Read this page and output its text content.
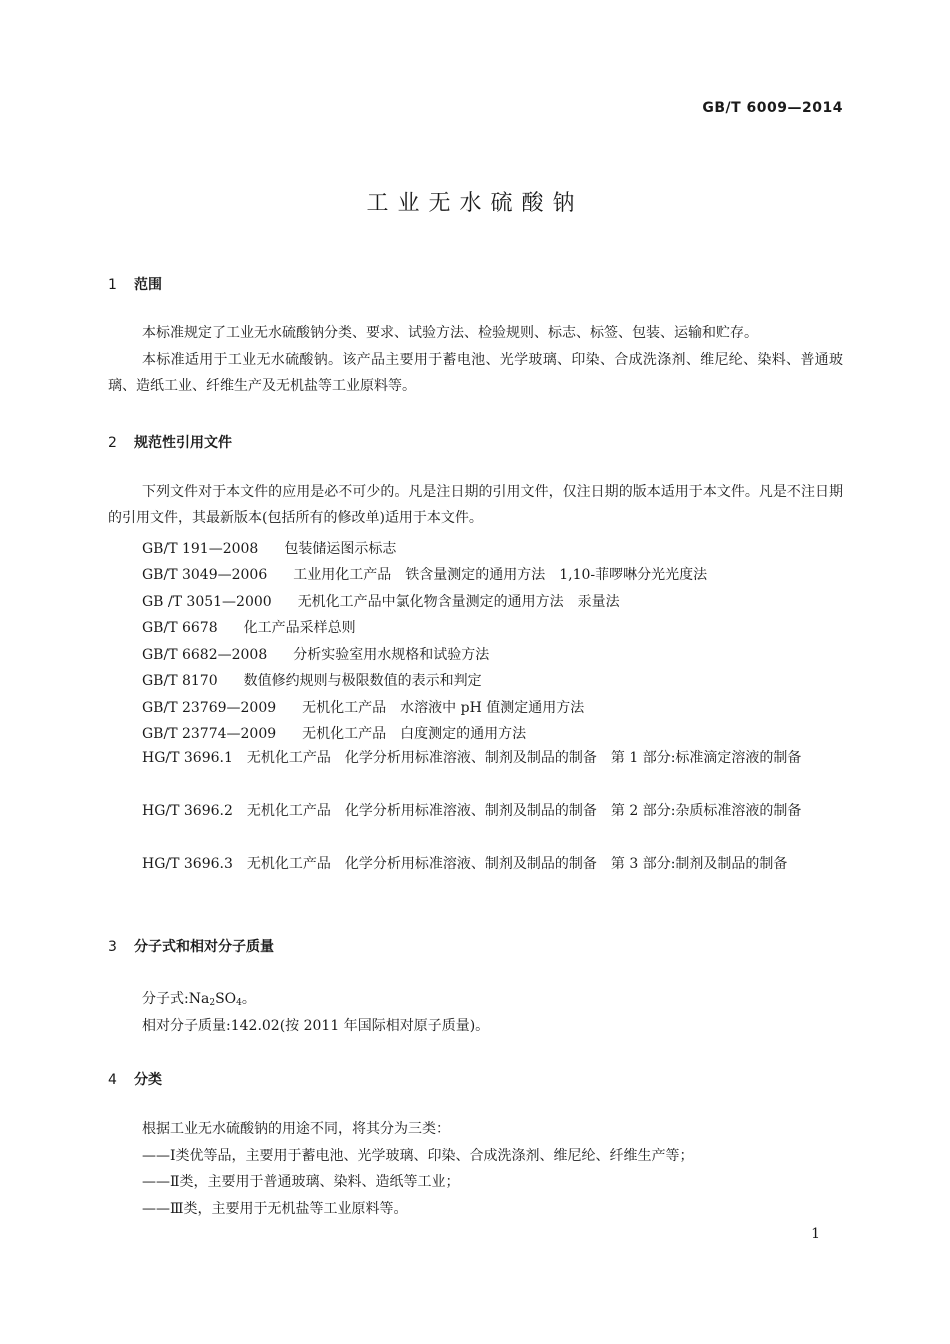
GB/T 6009—2014
工业无水硫酸钠
1 范围
本标准规定了工业无水硫酸钠分类、要求、试验方法、检验规则、标志、标签、包装、运输和贮存。
本标准适用于工业无水硫酸钠。该产品主要用于蓄电池、光学玻璃、印染、合成洗涤剂、维尼纶、染料、普通玻璃、造纸工业、纤维生产及无机盐等工业原料等。
2 规范性引用文件
下列文件对于本文件的应用是必不可少的。凡是注日期的引用文件，仅注日期的版本适用于本文件。凡是不注日期的引用文件，其最新版本(包括所有的修改单)适用于本文件。
GB/T 191—2008 包装储运图示标志
GB/T 3049—2006 工业用化工产品　铁含量测定的通用方法　1,10-菲啰啉分光光度法
GB /T 3051—2000 无机化工产品中氯化物含量测定的通用方法　汞量法
GB/T 6678 化工产品采样总则
GB/T 6682—2008 分析实验室用水规格和试验方法
GB/T 8170 数值修约规则与极限数值的表示和判定
GB/T 23769—2009 无机化工产品　水溶液中 pH 值测定通用方法
GB/T 23774—2009 无机化工产品　白度测定的通用方法
HG/T 3696.1　无机化工产品　化学分析用标准溶液、制剂及制品的制备　第 1 部分:标准滴定溶液的制备
HG/T 3696.2　无机化工产品　化学分析用标准溶液、制剂及制品的制备　第 2 部分:杂质标准溶液的制备
HG/T 3696.3　无机化工产品　化学分析用标准溶液、制剂及制品的制备　第 3 部分:制剂及制品的制备
3 分子式和相对分子质量
分子式$:Na_2SO_4$。
相对分子质量:142.02(按 2011 年国际相对原子质量)。
4 分类
根据工业无水硫酸钠的用途不同，将其分为三类：
——Ⅰ类优等品，主要用于蓄电池、光学玻璃、印染、合成洗涤剂、维尼纶、纤维生产等；
——Ⅱ类，主要用于普通玻璃、染料、造纸等工业；
——Ⅲ类，主要用于无机盐等工业原料等。
1
